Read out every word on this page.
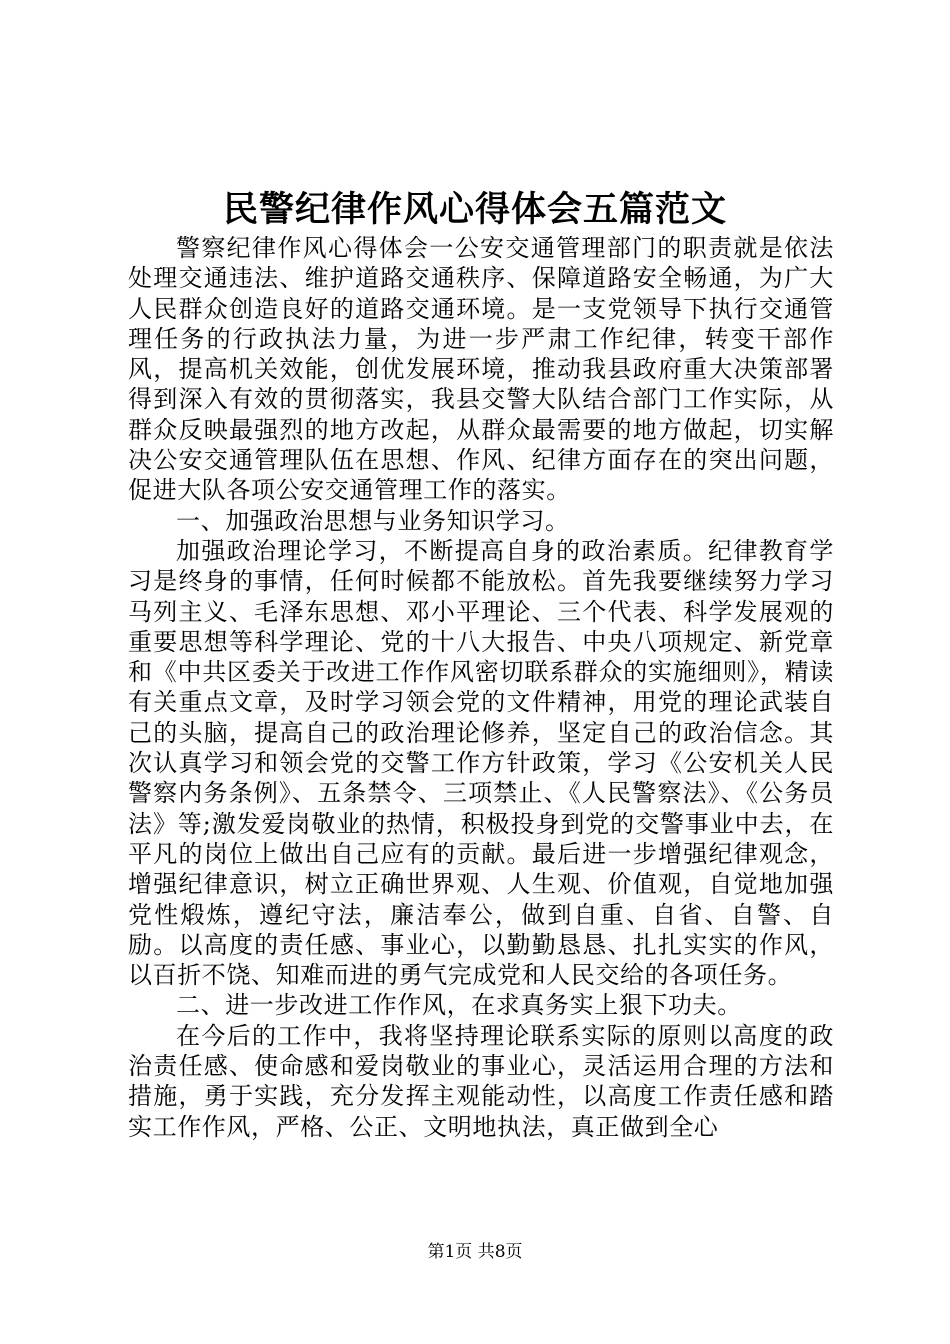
民警纪律作风心得体会五篇范文

警察纪律作风心得体会一公安交通管理部门的职责就是依法处理交通违法、维护道路交通秩序、保障道路安全畅通，为广大人民群众创造良好的道路交通环境。是一支党领导下执行交通管理任务的行政执法力量，为进一步严肃工作纪律，转变干部作风，提高机关效能，创优发展环境，推动我县政府重大决策部署得到深入有效的贯彻落实，我县交警大队结合部门工作实际，从群众反映最强烈的地方改起，从群众最需要的地方做起，切实解决公安交通管理队伍在思想、作风、纪律方面存在的突出问题，促进大队各项公安交通管理工作的落实。

一、加强政治思想与业务知识学习。

加强政治理论学习，不断提高自身的政治素质。纪律教育学习是终身的事情，任何时候都不能放松。首先我要继续努力学习马列主义、毛泽东思想、邓小平理论、三个代表、科学发展观的重要思想等科学理论、党的十八大报告、中央八项规定、新党章和《中共区委关于改进工作作风密切联系群众的实施细则》，精读有关重点文章，及时学习领会党的文件精神，用党的理论武装自己的头脑，提高自己的政治理论修养，坚定自己的政治信念。其次认真学习和领会党的交警工作方针政策，学习《公安机关人民警察内务条例》、五条禁令、三项禁止、《人民警察法》、《公务员法》等;激发爱岗敬业的热情，积极投身到党的交警事业中去，在平凡的岗位上做出自己应有的贡献。最后进一步增强纪律观念，增强纪律意识，树立正确世界观、人生观、价值观，自觉地加强党性煅炼，遵纪守法，廉洁奉公，做到自重、自省、自警、自励。以高度的责任感、事业心，以勤勤恳恳、扎扎实实的作风，以百折不饶、知难而进的勇气完成党和人民交给的各项任务。

二、进一步改进工作作风，在求真务实上狠下功夫。

在今后的工作中，我将坚持理论联系实际的原则以高度的政治责任感、使命感和爱岗敬业的事业心，灵活运用合理的方法和措施，勇于实践，充分发挥主观能动性，以高度工作责任感和踏实工作作风，严格、公正、文明地执法，真正做到全心

第1页 共8页
